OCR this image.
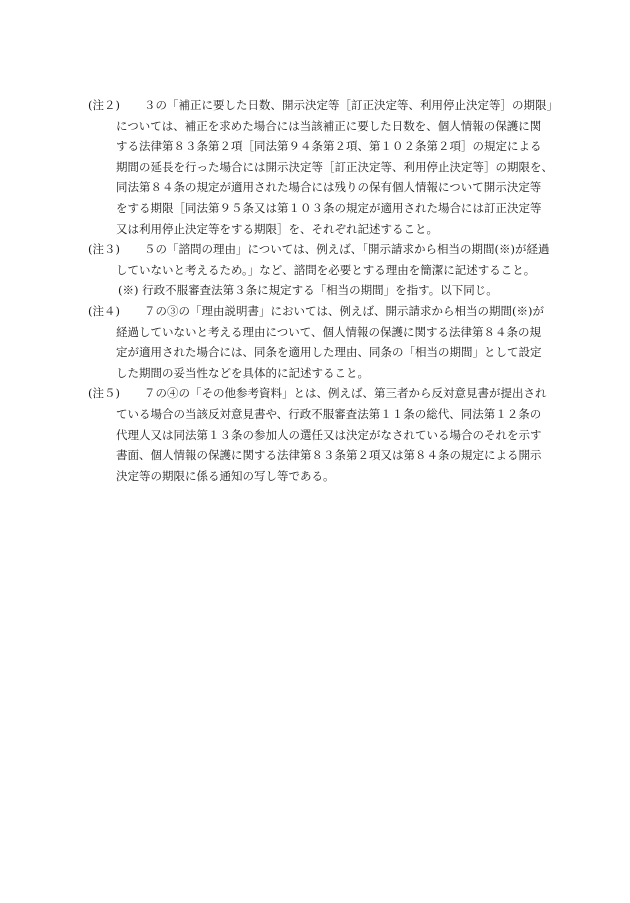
(注２)	３の「補正に要した日数、開示決定等［訂正決定等、利用停止決定等］の期限」
については、補正を求めた場合には当該補正に要した日数を、個人情報の保護に関
する法律第８３条第２項［同法第９４条第２項、第１０２条第２項］の規定による
期間の延長を行った場合には開示決定等［訂正決定等、利用停止決定等］の期限を、
同法第８４条の規定が適用された場合には残りの保有個人情報について開示決定等
をする期限［同法第９５条又は第１０３条の規定が適用された場合には訂正決定等
又は利用停止決定等をする期限］を、それぞれ記述すること。
(注３)	５の「諮問の理由」については、例えば、「開示請求から相当の期間(※)が経過
していないと考えるため。」など、諮問を必要とする理由を簡潔に記述すること。
(※) 行政不服審査法第３条に規定する「相当の期間」を指す。以下同じ。
(注４)	７の③の「理由説明書」においては、例えば、開示請求から相当の期間(※)が
経過していないと考える理由について、個人情報の保護に関する法律第８４条の規
定が適用された場合には、同条を適用した理由、同条の「相当の期間」として設定
した期間の妥当性などを具体的に記述すること。
(注５)	７の④の「その他参考資料」とは、例えば、第三者から反対意見書が提出され
ている場合の当該反対意見書や、行政不服審査法第１１条の総代、同法第１２条の
代理人又は同法第１３条の参加人の選任又は決定がなされている場合のそれを示す
書面、個人情報の保護に関する法律第８３条第２項又は第８４条の規定による開示
決定等の期限に係る通知の写し等である。
